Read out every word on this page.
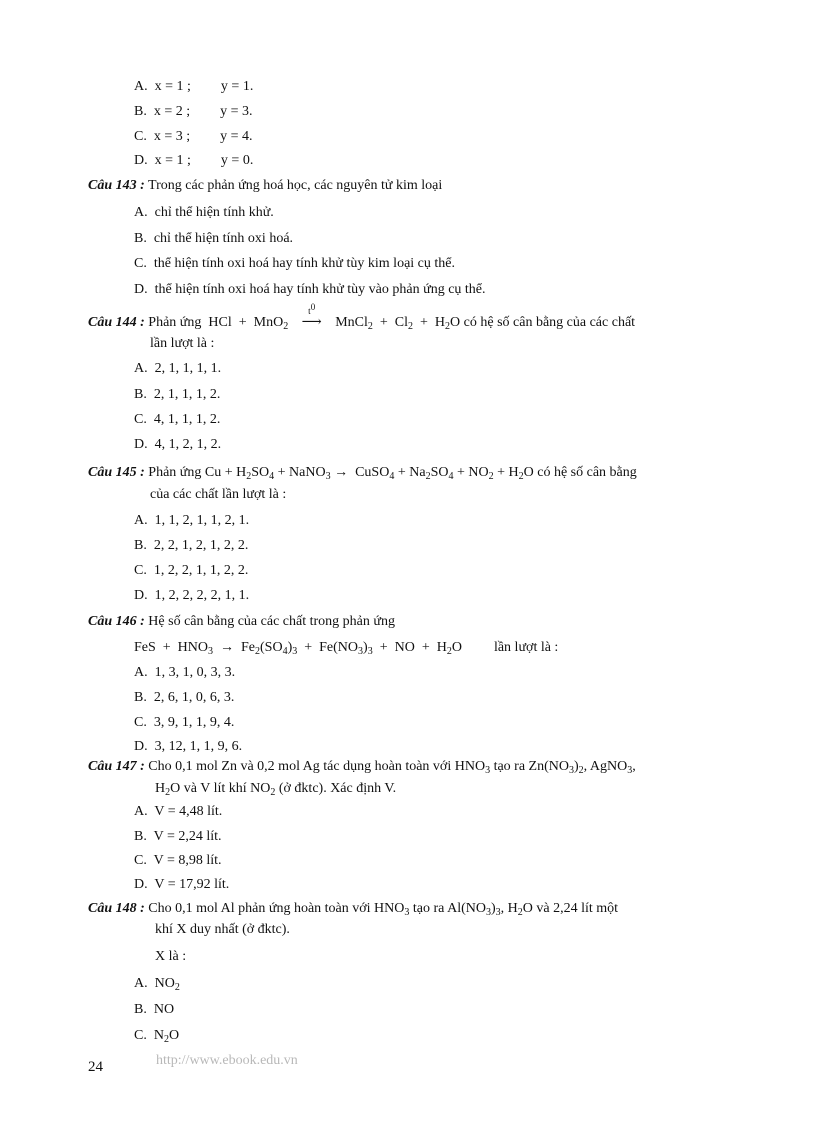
A. x = 1 ; y = 1.
B. x = 2 ; y = 3.
C. x = 3 ; y = 4.
D. x = 1 ; y = 0.
Câu 143 : Trong các phản ứng hoá học, các nguyên tử kim loại
A. chỉ thể hiện tính khử.
B. chỉ thể hiện tính oxi hoá.
C. thể hiện tính oxi hoá hay tính khử tùy kim loại cụ thể.
D. thể hiện tính oxi hoá hay tính khử tùy vào phản ứng cụ thể.
Câu 144 : Phản ứng  HCl  +  MnO$_2$
$t^0$
⟶ MnCl$_2$  +  $Cl_2 + H_2O$ có hệ số cân bằng của các chất
lần lượt là :
A. 2, 1, 1, 1, 1.
B. 2, 1, 1, 1, 2.
C. 4, 1, 1, 1, 2.
D. 4, 1, 2, 1, 2.
Câu 145 : Phản ứng $Cu + H_2SO_4$ + NaNO$_3$ →  CuSO$_4$ + $Na_2SO_4 + NO_2 + H_2O$ có hệ số cân bằng
của các chất lần lượt là :
A. 1, 1, 2, 1, 1, 2, 1.
B. 2, 2, 1, 2, 1, 2, 2.
C. 1, 2, 2, 1, 1, 2, 2.
D. 1, 2, 2, 2, 2, 1, 1.
Câu 146 : Hệ số cân bằng của các chất trong phản ứng
FeS  +  $HNO_3 \to Fe_2(SO_4)_3 + Fe(NO_3)_3$  +  NO  +  $H_2O$ lần lượt là :
A. 1, 3, 1, 0, 3, 3.
B. 2, 6, 1, 0, 6, 3.
C. 3, 9, 1, 1, 9, 4.
D. 3, 12, 1, 1, 9, 6.
Câu 147 : Cho 0,1 mol Zn và 0,2 mol Ag tác dụng hoàn toàn với $HNO_3$ tạo ra $Zn(NO_3)_2$, AgNO$_3$,
$H_2O$ và V lít khí $NO_2$ (ở đktc). Xác định V.
A. V = 4,48 lít.
B. V = 2,24 lít.
C. V = 8,98 lít.
D. V = 17,92 lít.
Câu 148 : Cho 0,1 mol Al phản ứng hoàn toàn với $HNO_3$ tạo ra $Al(NO_3)_3$, $H_2O$ và 2,24 lít một
khí X duy nhất (ở đktc).
X là :
A.  $NO_2$
B. NO
C.  $N_2O$
24	http://www.ebook.edu.vn
